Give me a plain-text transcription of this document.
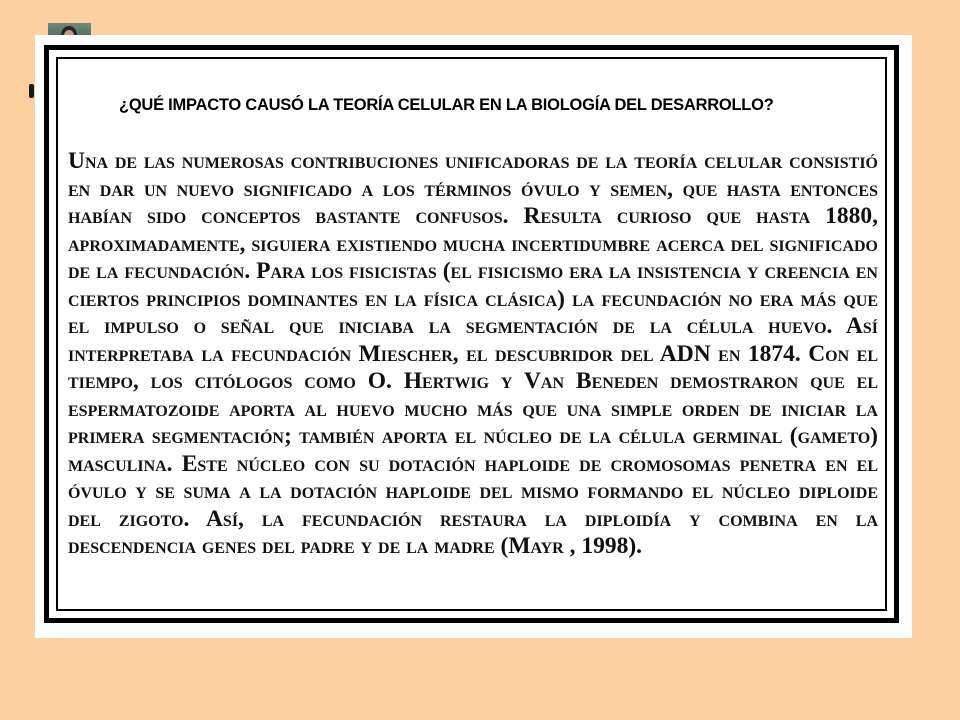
¿QUÉ IMPACTO CAUSÓ LA TEORÍA CELULAR EN LA BIOLOGÍA DEL DESARROLLO?

Una de las numerosas contribuciones unificadoras de la teoría celular consistió en dar un nuevo significado a los términos óvulo y semen, que hasta entonces habían sido conceptos bastante confusos. Resulta curioso que hasta 1880, aproximadamente, siguiera existiendo mucha incertidumbre acerca del significado de la fecundación. Para los fisicistas (el fisicismo era la insistencia y creencia en ciertos principios dominantes en la física clásica) la fecundación no era más que el impulso o señal que iniciaba la segmentación de la célula huevo. Así interpretaba la fecundación Miescher, el descubridor del ADN en 1874. Con el tiempo, los citólogos como O. Hertwig y Van Beneden demostraron que el espermatozoide aporta al huevo mucho más que una simple orden de iniciar la primera segmentación; también aporta el núcleo de la célula germinal (gameto) masculina. Este núcleo con su dotación haploide de cromosomas penetra en el óvulo y se suma a la dotación haploide del mismo formando el núcleo diploide del zigoto. Así, la fecundación restaura la diploidía y combina en la descendencia genes del padre y de la madre (Mayr , 1998).
